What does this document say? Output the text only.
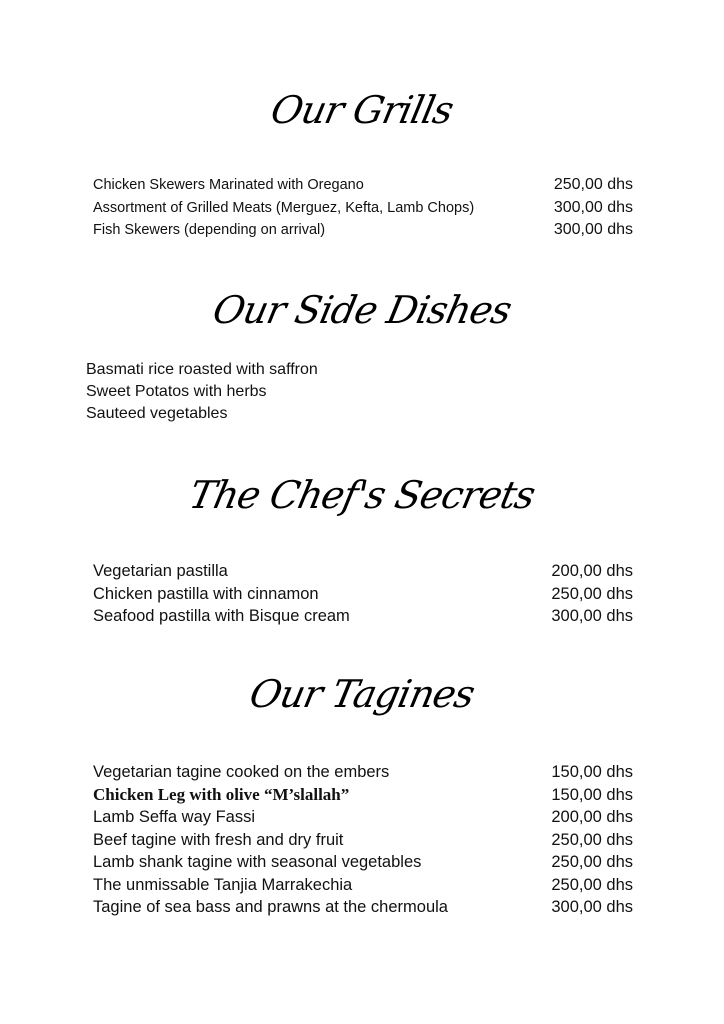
Our Grills
Chicken Skewers Marinated with Oregano	250,00 dhs
Assortment of Grilled Meats (Merguez, Kefta, Lamb Chops)	300,00 dhs
Fish Skewers (depending on arrival)	300,00 dhs
Our Side Dishes
Basmati rice roasted with saffron
Sweet Potatos with herbs
Sauteed vegetables
The Chef's Secrets
Vegetarian pastilla	200,00 dhs
Chicken pastilla with cinnamon	250,00 dhs
Seafood pastilla with Bisque cream	300,00 dhs
Our Tagines
Vegetarian tagine cooked on the embers	150,00 dhs
Chicken Leg with olive “M’slallah”	150,00 dhs
Lamb Seffa way Fassi	200,00 dhs
Beef tagine with fresh and dry fruit	250,00 dhs
Lamb shank tagine with seasonal vegetables	250,00 dhs
The unmissable Tanjia Marrakechia	250,00 dhs
Tagine of sea bass and prawns at the chermoula	300,00 dhs
